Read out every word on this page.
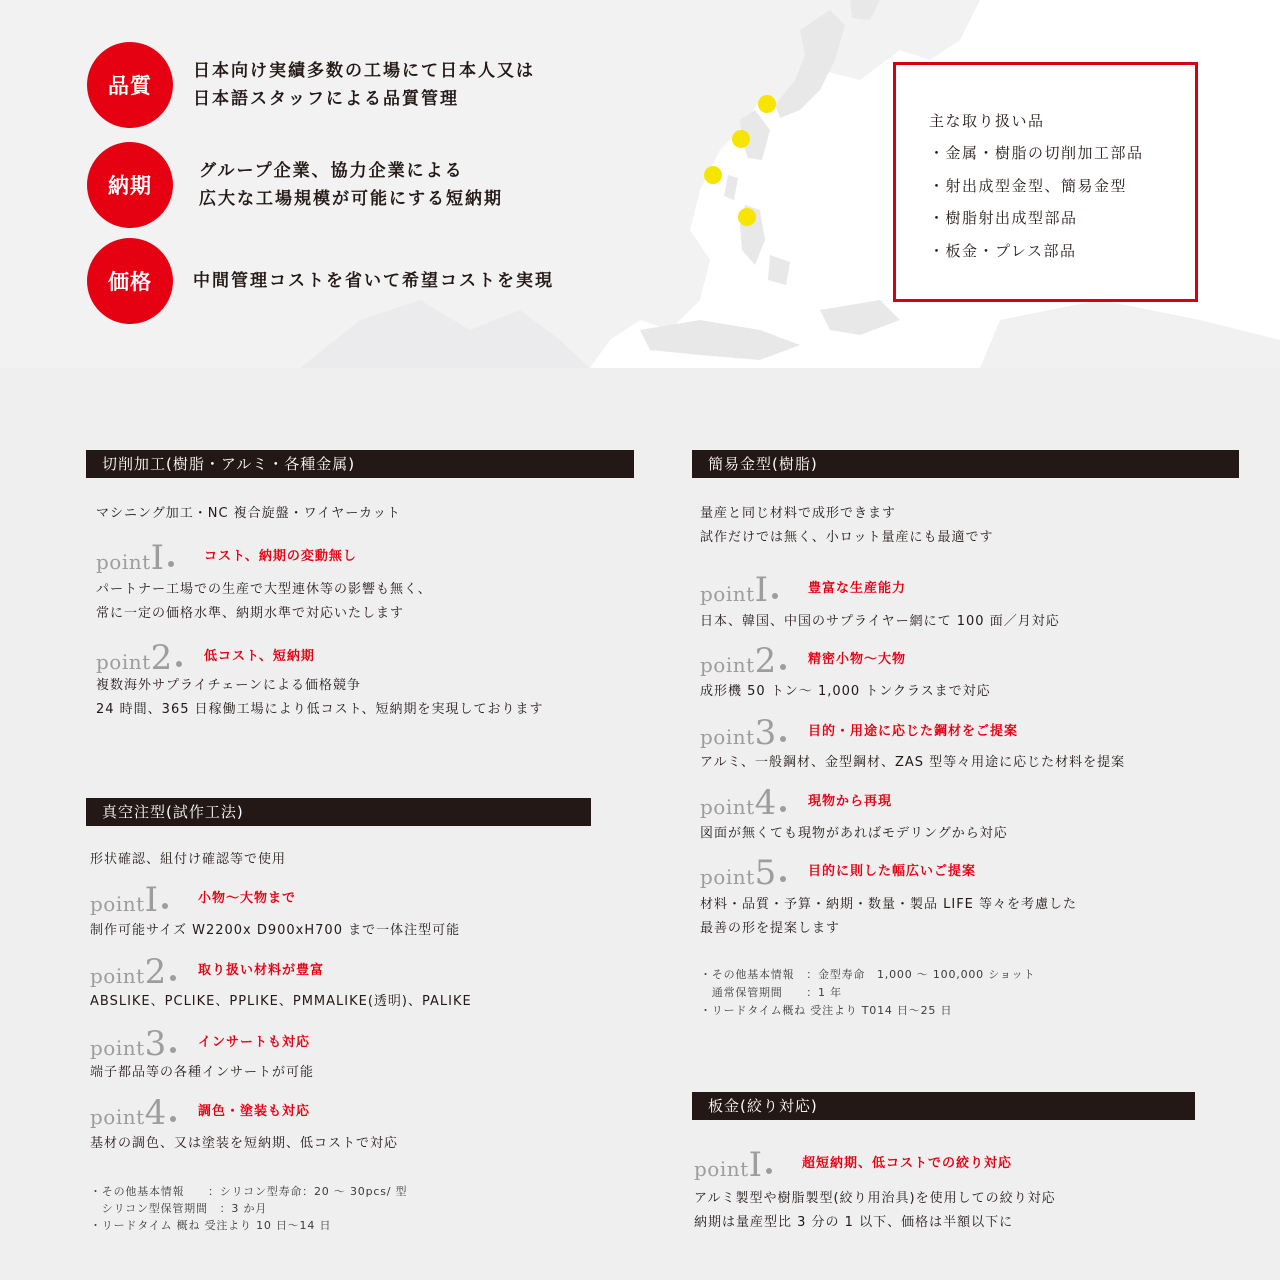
品質
日本向け実績多数の工場にて日本人又は
日本語スタッフによる品質管理
納期
グループ企業、協力企業による
広大な工場規模が可能にする短納期
価格	中間管理コストを省いて希望コストを実現
主な取り扱い品
・金属・樹脂の切削加工部品
・射出成型金型、簡易金型
・樹脂射出成型部品
・板金・プレス部品
切削加工(樹脂・アルミ・各種金属)
マシニング加工・NC 複合旋盤・ワイヤーカット
pointI	コスト、納期の変動無し
パートナー工場での生産で大型連休等の影響も無く、
常に一定の価格水準、納期水準で対応いたします
point2	低コスト、短納期
複数海外サプライチェーンによる価格競争
24 時間、365 日稼働工場により低コスト、短納期を実現しております
真空注型(試作工法)
形状確認、組付け確認等で使用
pointI	小物～大物まで
制作可能サイズ W2200x D900xH700 まで一体注型可能
point2	取り扱い材料が豊富
ABSLIKE、PCLIKE、PPLIKE、PMMALIKE(透明)、PALIKE
point3	インサートも対応
端子都品等の各種インサートが可能
point4	調色・塗装も対応
基材の調色、又は塗装を短納期、低コストで対応
・その他基本情報　　：シリコン型寿命：20 ～ 30pcs/ 型
　シリコン型保管期間　：3 か月
・リードタイム 概ね 受注より 10 日～14 日
簡易金型(樹脂)
量産と同じ材料で成形できます
試作だけでは無く、小ロット量産にも最適です
pointI	豊富な生産能力
日本、韓国、中国のサプライヤー網にて 100 面／月対応
point2	精密小物～大物
成形機 50 トン～ 1,000 トンクラスまで対応
point3	目的・用途に応じた鋼材をご提案
アルミ、一般鋼材、金型鋼材、ZAS 型等々用途に応じた材料を提案
point4	現物から再現
図面が無くても現物があればモデリングから対応
point5	目的に則した幅広いご提案
材料・品質・予算・納期・数量・製品 LIFE 等々を考慮した
最善の形を提案します
・その他基本情報　：金型寿命　1,000 ～ 100,000 ショット
　通常保管期間　　：1 年
・リードタイム概ね 受注より T014 日～25 日
板金(絞り対応)
pointI	超短納期、低コストでの絞り対応
アルミ製型や樹脂製型(絞り用治具)を使用しての絞り対応
納期は量産型比 3 分の 1 以下、価格は半額以下に
